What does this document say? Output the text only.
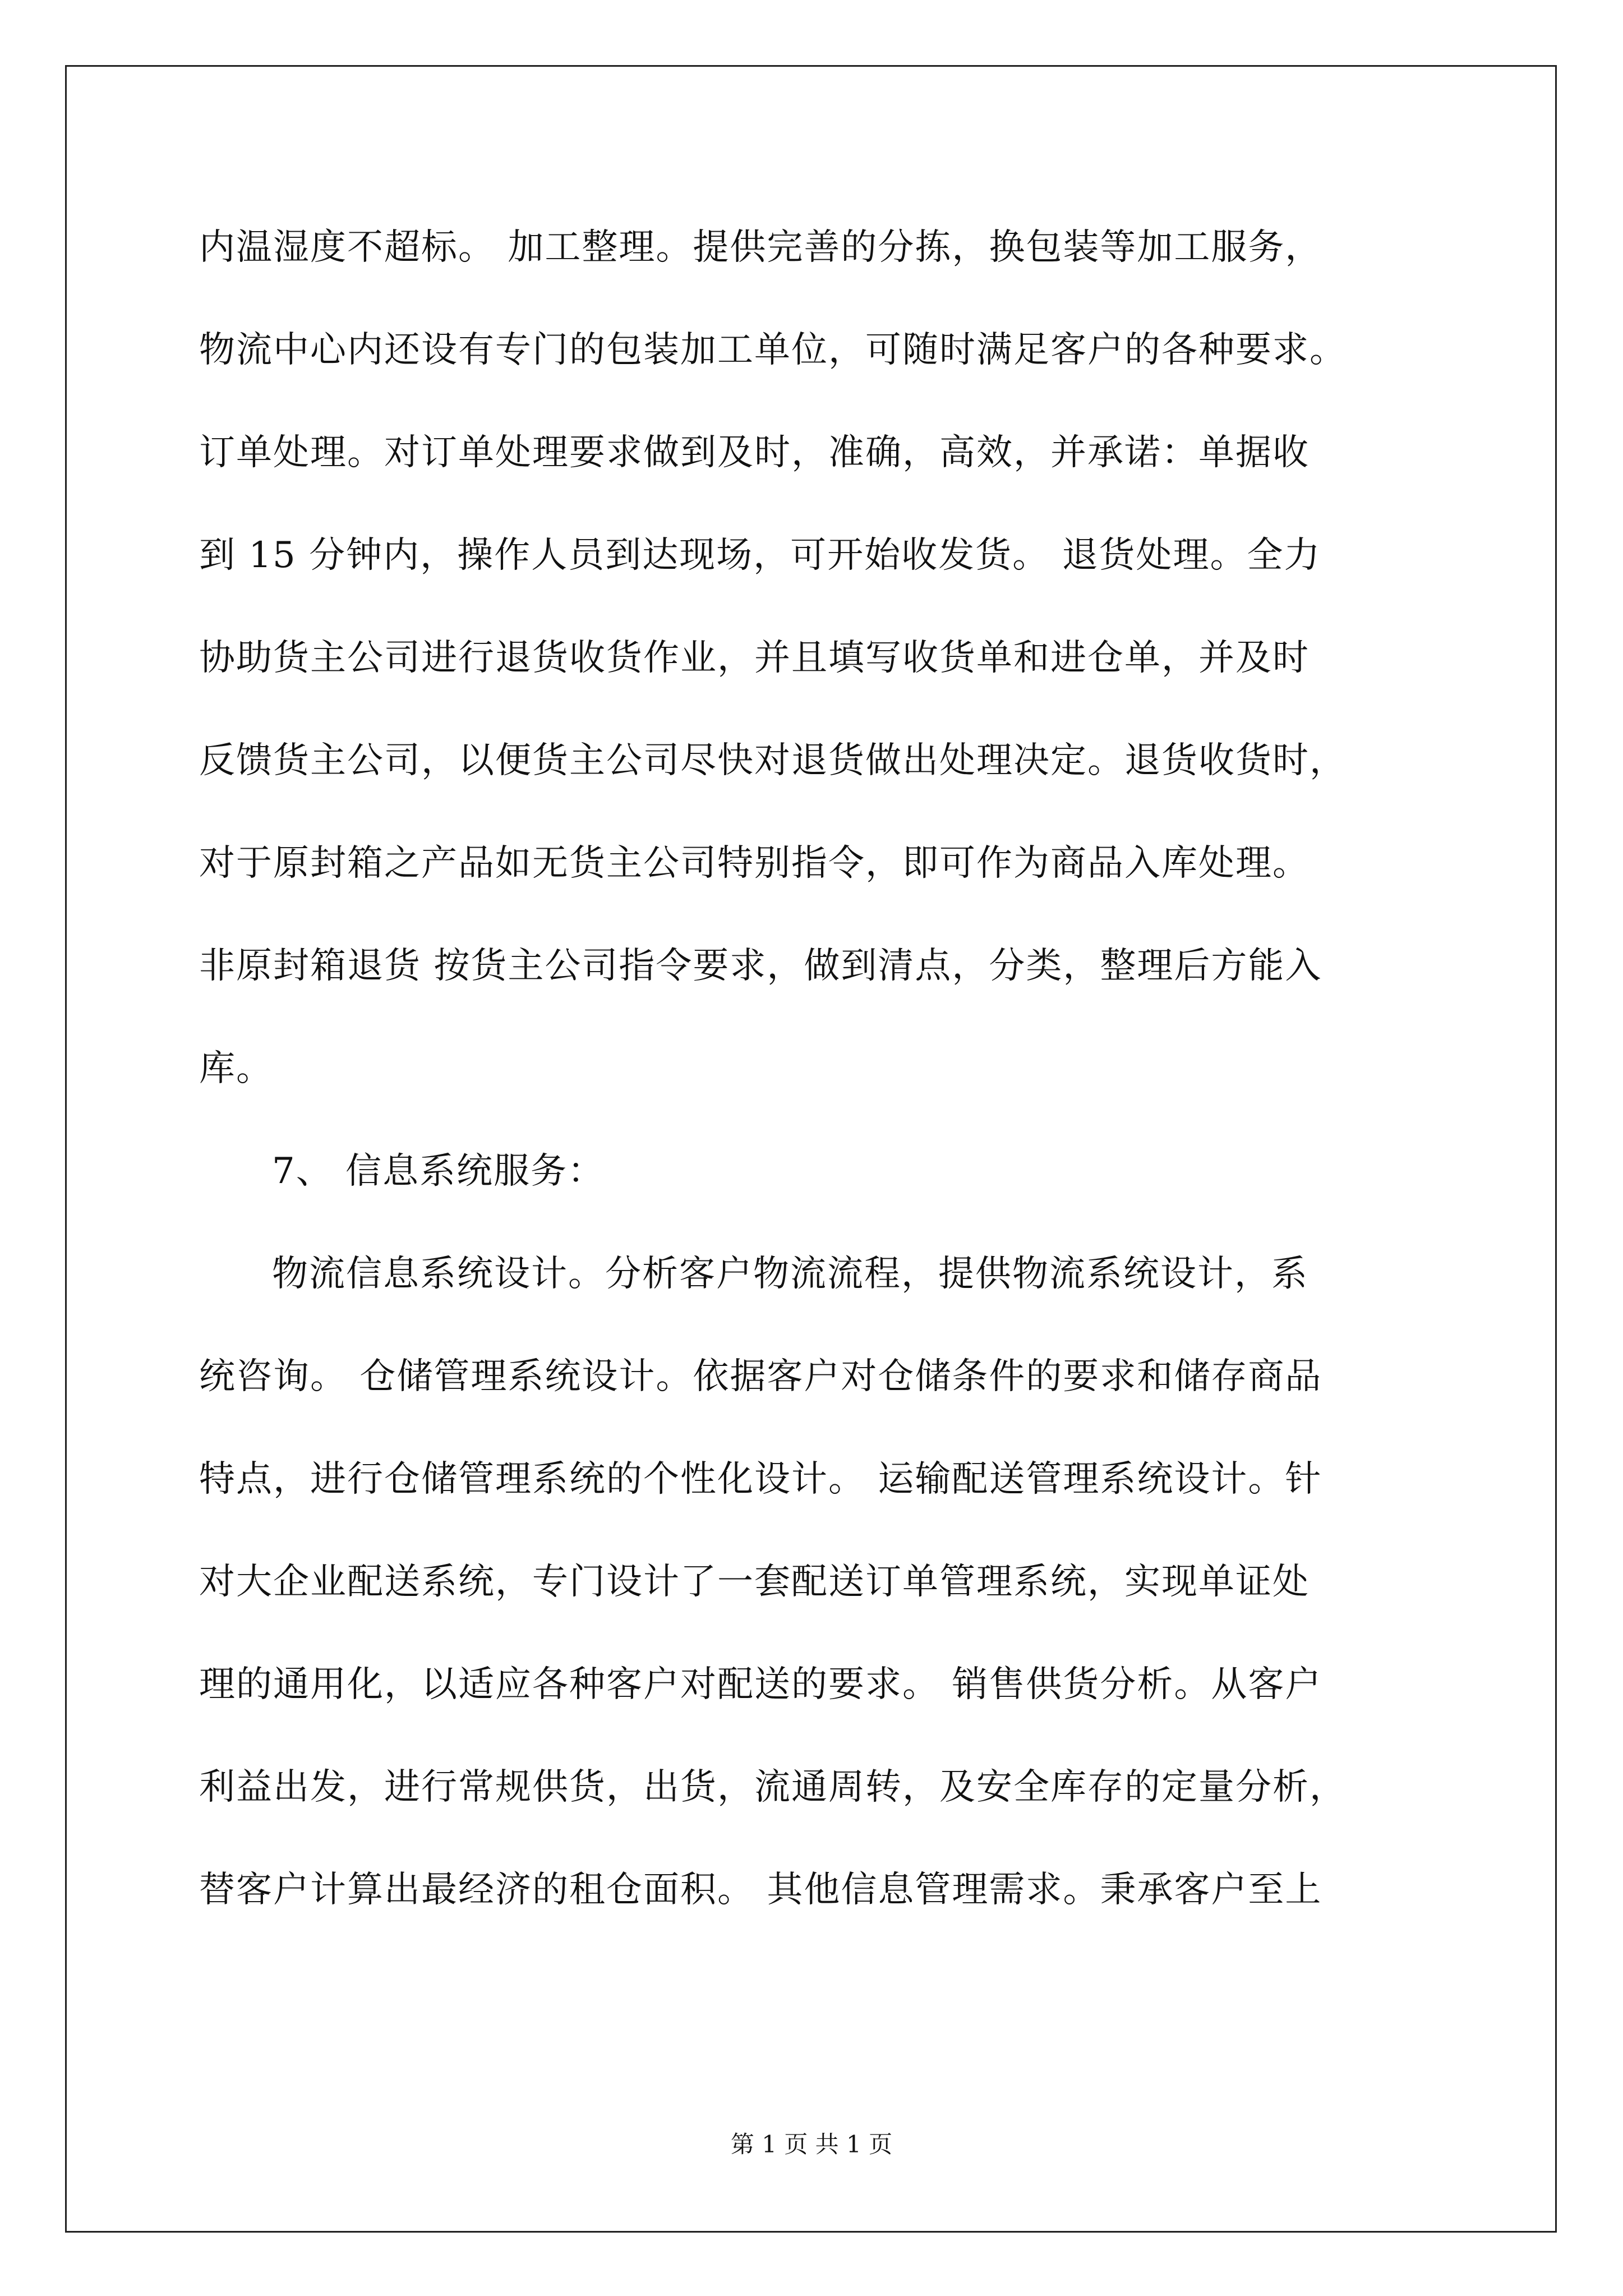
内温湿度不超标。 加工整理。提供完善的分拣，换包装等加工服务，
物流中心内还设有专门的包装加工单位，可随时满足客户的各种要求。
订单处理。对订单处理要求做到及时，准确，高效，并承诺：单据收
到 15 分钟内，操作人员到达现场，可开始收发货。 退货处理。全力
协助货主公司进行退货收货作业，并且填写收货单和进仓单，并及时
反馈货主公司，以便货主公司尽快对退货做出处理决定。退货收货时，
对于原封箱之产品如无货主公司特别指令，即可作为商品入库处理。
非原封箱退货 按货主公司指令要求，做到清点，分类，整理后方能入
库。
7、 信息系统服务：
物流信息系统设计。分析客户物流流程，提供物流系统设计，系
统咨询。 仓储管理系统设计。依据客户对仓储条件的要求和储存商品
特点，进行仓储管理系统的个性化设计。 运输配送管理系统设计。针
对大企业配送系统，专门设计了一套配送订单管理系统，实现单证处
理的通用化，以适应各种客户对配送的要求。 销售供货分析。从客户
利益出发，进行常规供货，出货，流通周转，及安全库存的定量分析，
替客户计算出最经济的租仓面积。 其他信息管理需求。秉承客户至上
第 1 页 共 1 页
